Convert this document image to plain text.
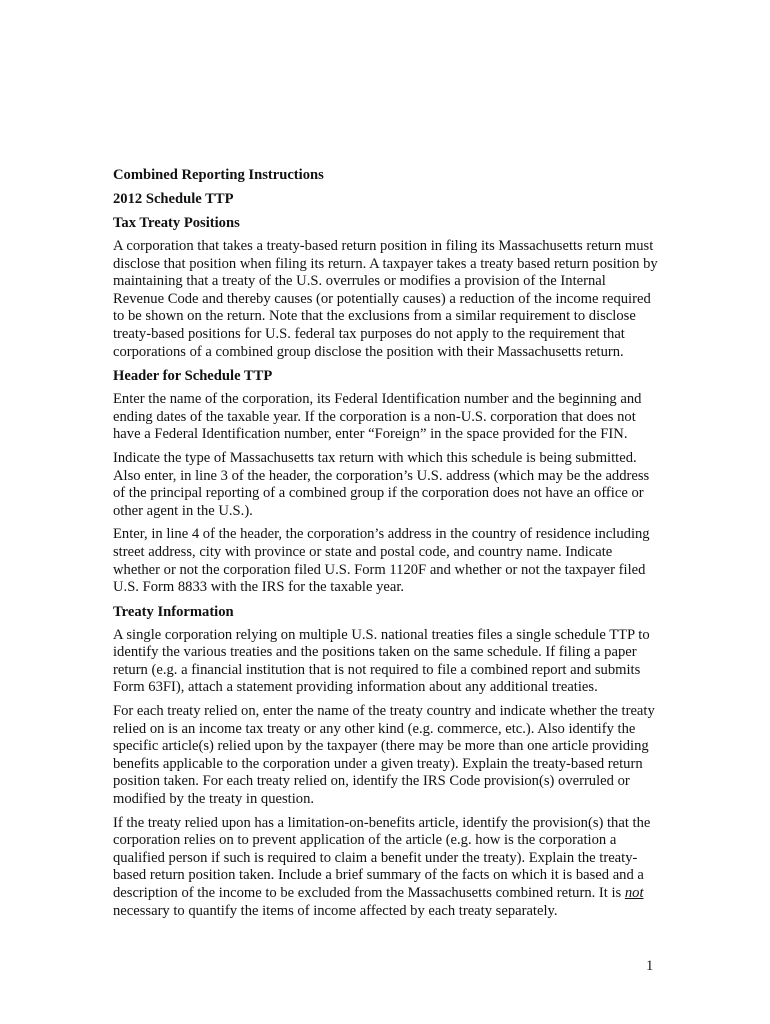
Combined Reporting Instructions
2012 Schedule TTP
Tax Treaty Positions

A corporation that takes a treaty-based return position in filing its Massachusetts return must disclose that position when filing its return. A taxpayer takes a treaty based return position by maintaining that a treaty of the U.S. overrules or modifies a provision of the Internal Revenue Code and thereby causes (or potentially causes) a reduction of the income required to be shown on the return. Note that the exclusions from a similar requirement to disclose treaty-based positions for U.S. federal tax purposes do not apply to the requirement that corporations of a combined group disclose the position with their Massachusetts return.

Header for Schedule TTP

Enter the name of the corporation, its Federal Identification number and the beginning and ending dates of the taxable year. If the corporation is a non-U.S. corporation that does not have a Federal Identification number, enter “Foreign” in the space provided for the FIN.

Indicate the type of Massachusetts tax return with which this schedule is being submitted. Also enter, in line 3 of the header, the corporation’s U.S. address (which may be the address of the principal reporting of a combined group if the corporation does not have an office or other agent in the U.S.).

Enter, in line 4 of the header, the corporation’s address in the country of residence including street address, city with province or state and postal code, and country name. Indicate whether or not the corporation filed U.S. Form 1120F and whether or not the taxpayer filed U.S. Form 8833 with the IRS for the taxable year.

Treaty Information

A single corporation relying on multiple U.S. national treaties files a single schedule TTP to identify the various treaties and the positions taken on the same schedule. If filing a paper return (e.g. a financial institution that is not required to file a combined report and submits Form 63FI), attach a statement providing information about any additional treaties.

For each treaty relied on, enter the name of the treaty country and indicate whether the treaty relied on is an income tax treaty or any other kind (e.g. commerce, etc.). Also identify the specific article(s) relied upon by the taxpayer (there may be more than one article providing benefits applicable to the corporation under a given treaty). Explain the treaty-based return position taken. For each treaty relied on, identify the IRS Code provision(s) overruled or modified by the treaty in question.

If the treaty relied upon has a limitation-on-benefits article, identify the provision(s) that the corporation relies on to prevent application of the article (e.g. how is the corporation a qualified person if such is required to claim a benefit under the treaty). Explain the treaty-based return position taken. Include a brief summary of the facts on which it is based and a description of the income to be excluded from the Massachusetts combined return. It is not necessary to quantify the items of income affected by each treaty separately.

1
